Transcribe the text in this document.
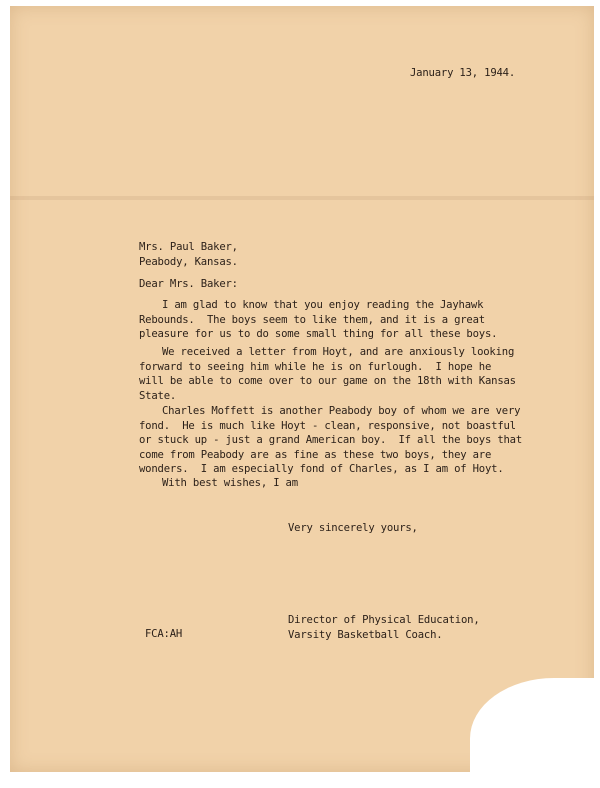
January 13, 1944.
Mrs. Paul Baker,
Peabody, Kansas.
Dear Mrs. Baker:
I am glad to know that you enjoy reading the Jayhawk
Rebounds.  The boys seem to like them, and it is a great
pleasure for us to do some small thing for all these boys.
We received a letter from Hoyt, and are anxiously looking
forward to seeing him while he is on furlough.  I hope he
will be able to come over to our game on the 18th with Kansas
State.
Charles Moffett is another Peabody boy of whom we are very
fond.  He is much like Hoyt - clean, responsive, not boastful
or stuck up - just a grand American boy.  If all the boys that
come from Peabody are as fine as these two boys, they are
wonders.  I am especially fond of Charles, as I am of Hoyt.
With best wishes, I am
Very sincerely yours,
Director of Physical Education,
Varsity Basketball Coach.
FCA:AH
